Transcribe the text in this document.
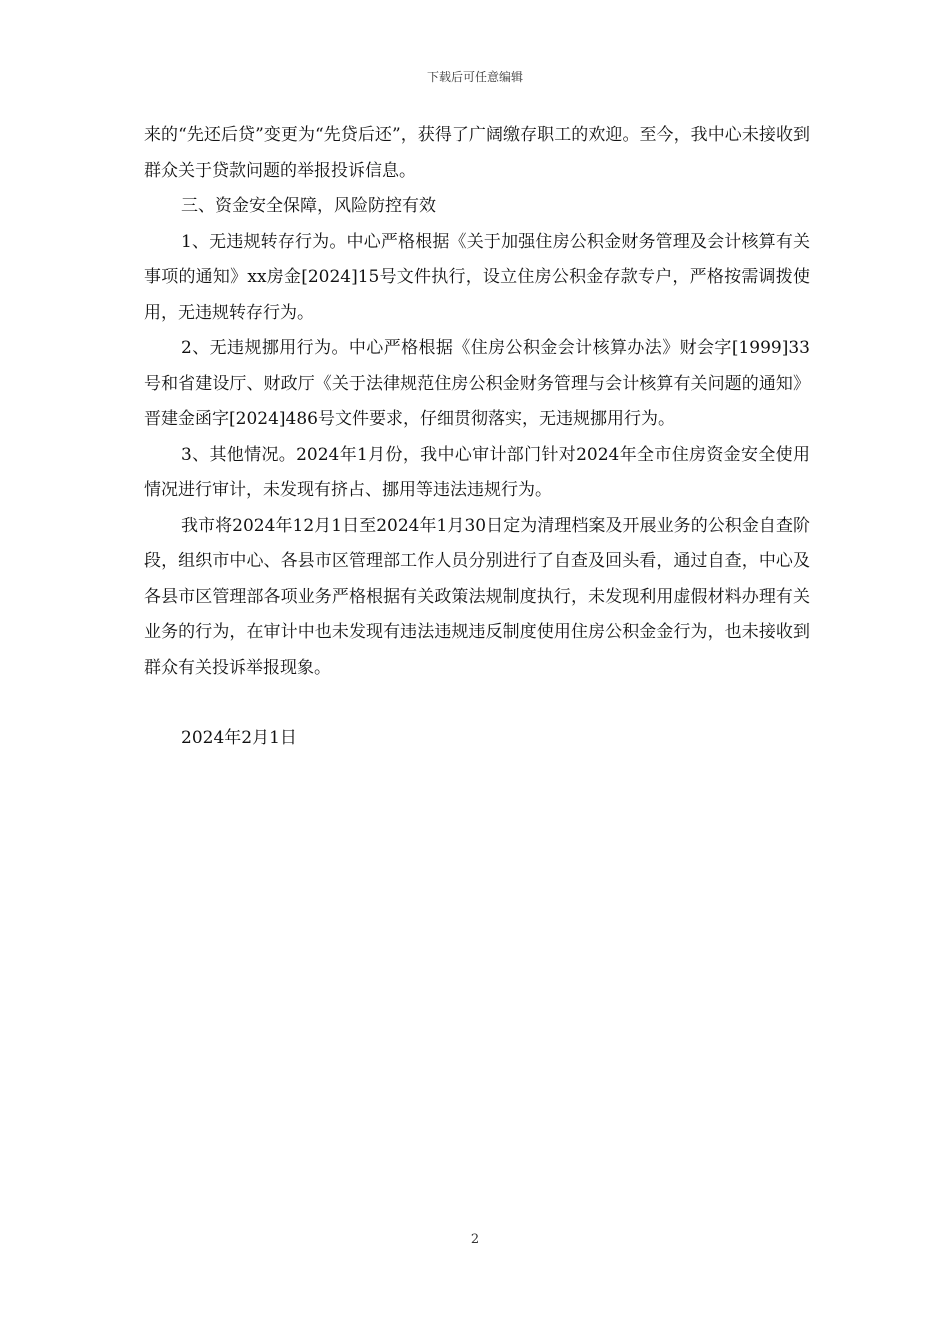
下载后可任意编辑

来的“先还后贷”变更为“先贷后还”，获得了广阔缴存职工的欢迎。至今，我中心未接收到群众关于贷款问题的举报投诉信息。

三、资金安全保障，风险防控有效

1、无违规转存行为。中心严格根据《关于加强住房公积金财务管理及会计核算有关事项的通知》xx房金[2024]15号文件执行，设立住房公积金存款专户，严格按需调拨使用，无违规转存行为。

2、无违规挪用行为。中心严格根据《住房公积金会计核算办法》财会字[1999]33号和省建设厅、财政厅《关于法律规范住房公积金财务管理与会计核算有关问题的通知》晋建金函字[2024]486号文件要求，仔细贯彻落实，无违规挪用行为。

3、其他情况。2024年1月份，我中心审计部门针对2024年全市住房资金安全使用情况进行审计，未发现有挤占、挪用等违法违规行为。

我市将2024年12月1日至2024年1月30日定为清理档案及开展业务的公积金自查阶段，组织市中心、各县市区管理部工作人员分别进行了自查及回头看，通过自查，中心及各县市区管理部各项业务严格根据有关政策法规制度执行，未发现利用虚假材料办理有关业务的行为，在审计中也未发现有违法违规违反制度使用住房公积金金行为，也未接收到群众有关投诉举报现象。

2024年2月1日

2
